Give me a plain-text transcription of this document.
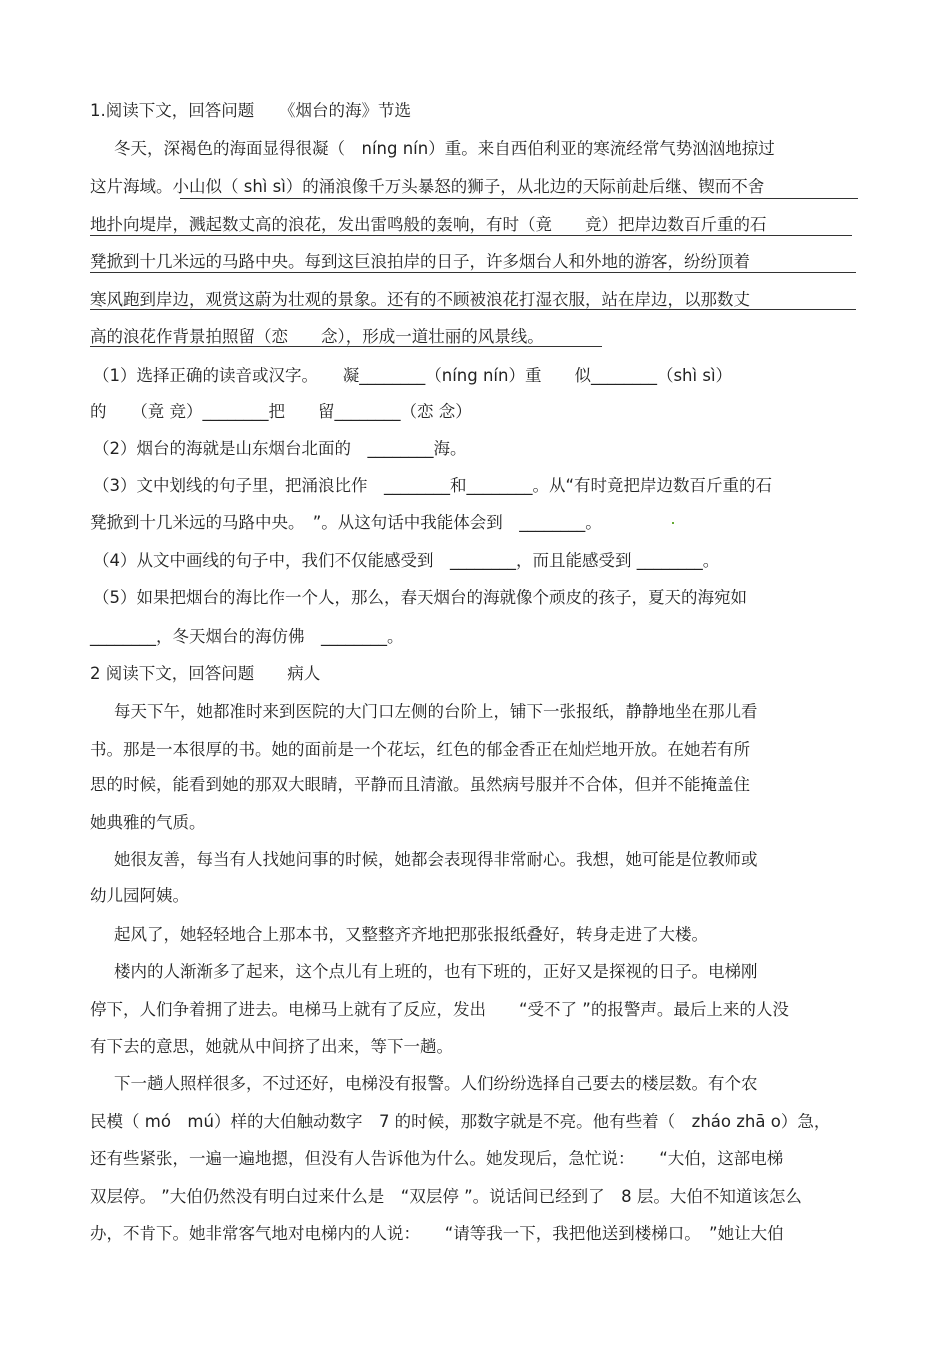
1.阅读下文，回答问题　　《烟台的海》节选
冬天，深褐色的海面显得很凝（　níng nín）重。来自西伯利亚的寒流经常气势汹汹地掠过
这片海域。小山似（ shì sì）的涌浪像千万头暴怒的狮子，从北边的天际前赴后继、锲而不舍
地扑向堤岸，溅起数丈高的浪花，发出雷鸣般的轰响，有时（竟　　竞）把岸边数百斤重的石
凳掀到十几米远的马路中央。每到这巨浪拍岸的日子，许多烟台人和外地的游客，纷纷顶着
寒风跑到岸边，观赏这蔚为壮观的景象。还有的不顾被浪花打湿衣服，站在岸边，以那数丈
高的浪花作背景拍照留（恋　　念），形成一道壮丽的风景线。
（1）选择正确的读音或汉字。　　凝________（níng nín）重　　似________（shì sì）
的　　（竟 竞）________把　　留________（恋 念）
（2）烟台的海就是山东烟台北面的　________海。
（3）文中划线的句子里，把涌浪比作　________和________。从“有时竟把岸边数百斤重的石
凳掀到十几米远的马路中央。　”。从这句话中我能体会到　________。
（4）从文中画线的句子中，我们不仅能感受到　________，而且能感受到 ________。
（5）如果把烟台的海比作一个人，那么，春天烟台的海就像个顽皮的孩子，夏天的海宛如
________，冬天烟台的海仿佛　________。
2 阅读下文，回答问题　　病人
每天下午，她都准时来到医院的大门口左侧的台阶上，铺下一张报纸，静静地坐在那儿看
书。那是一本很厚的书。她的面前是一个花坛，红色的郁金香正在灿烂地开放。在她若有所
思的时候，能看到她的那双大眼睛，平静而且清澈。虽然病号服并不合体，但并不能掩盖住
她典雅的气质。
她很友善，每当有人找她问事的时候，她都会表现得非常耐心。我想，她可能是位教师或
幼儿园阿姨。
起风了，她轻轻地合上那本书，又整整齐齐地把那张报纸叠好，转身走进了大楼。
楼内的人渐渐多了起来，这个点儿有上班的，也有下班的，正好又是探视的日子。电梯刚
停下，人们争着拥了进去。电梯马上就有了反应，发出　　“受不了 ”的报警声。最后上来的人没
有下去的意思，她就从中间挤了出来，等下一趟。
下一趟人照样很多，不过还好，电梯没有报警。人们纷纷选择自己要去的楼层数。有个农
民模（ mó　mú）样的大伯触动数字　7 的时候，那数字就是不亮。他有些着（　zháo zhā o）急，
还有些紧张，一遍一遍地摁，但没有人告诉他为什么。她发现后，急忙说：　　“大伯，这部电梯
双层停。 ”大伯仍然没有明白过来什么是　“双层停 ”。说话间已经到了　8 层。大伯不知道该怎么
办，不肯下。她非常客气地对电梯内的人说：　　“请等我一下，我把他送到楼梯口。　”她让大伯
